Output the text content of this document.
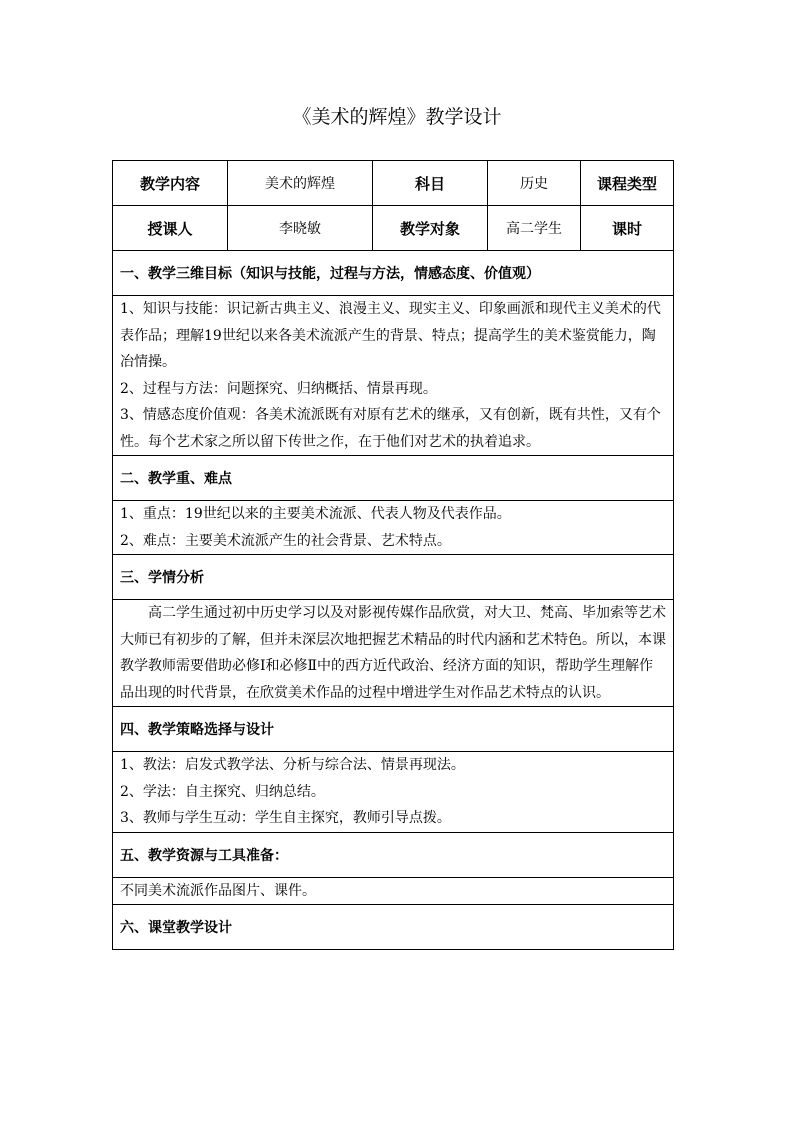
《美术的辉煌》教学设计
教学内容	美术的辉煌	科目	历史	课程类型
授课人	李晓敏	教学对象	高二学生	课时
一、教学三维目标（知识与技能，过程与方法，情感态度、价值观）				

1、知识与技能：识记新古典主义、浪漫主义、现实主义、印象画派和现代主义美术的代表作品；理解19世纪以来各美术流派产生的背景、特点；提高学生的美术鉴赏能力，陶冶情操。

2、过程与方法：问题探究、归纳概括、情景再现。

3、情感态度价值观：各美术流派既有对原有艺术的继承，又有创新，既有共性，又有个性。每个艺术家之所以留下传世之作，在于他们对艺术的执着追求。				

二、教学重、难点				

1、重点：19世纪以来的主要美术流派、代表人物及代表作品。

2、难点：主要美术流派产生的社会背景、艺术特点。				

三、学情分析				

高二学生通过初中历史学习以及对影视传媒作品欣赏，对大卫、梵高、毕加索等艺术大师已有初步的了解，但并未深层次地把握艺术精品的时代内涵和艺术特色。所以，本课教学教师需要借助必修Ⅰ和必修Ⅱ中的西方近代政治、经济方面的知识，帮助学生理解作品出现的时代背景，在欣赏美术作品的过程中增进学生对作品艺术特点的认识。				

四、教学策略选择与设计				

1、教法：启发式教学法、分析与综合法、情景再现法。

2、学法：自主探究、归纳总结。

3、教师与学生互动：学生自主探究，教师引导点拨。				

五、教学资源与工具准备：				
不同美术流派作品图片、课件。				
六、课堂教学设计				
